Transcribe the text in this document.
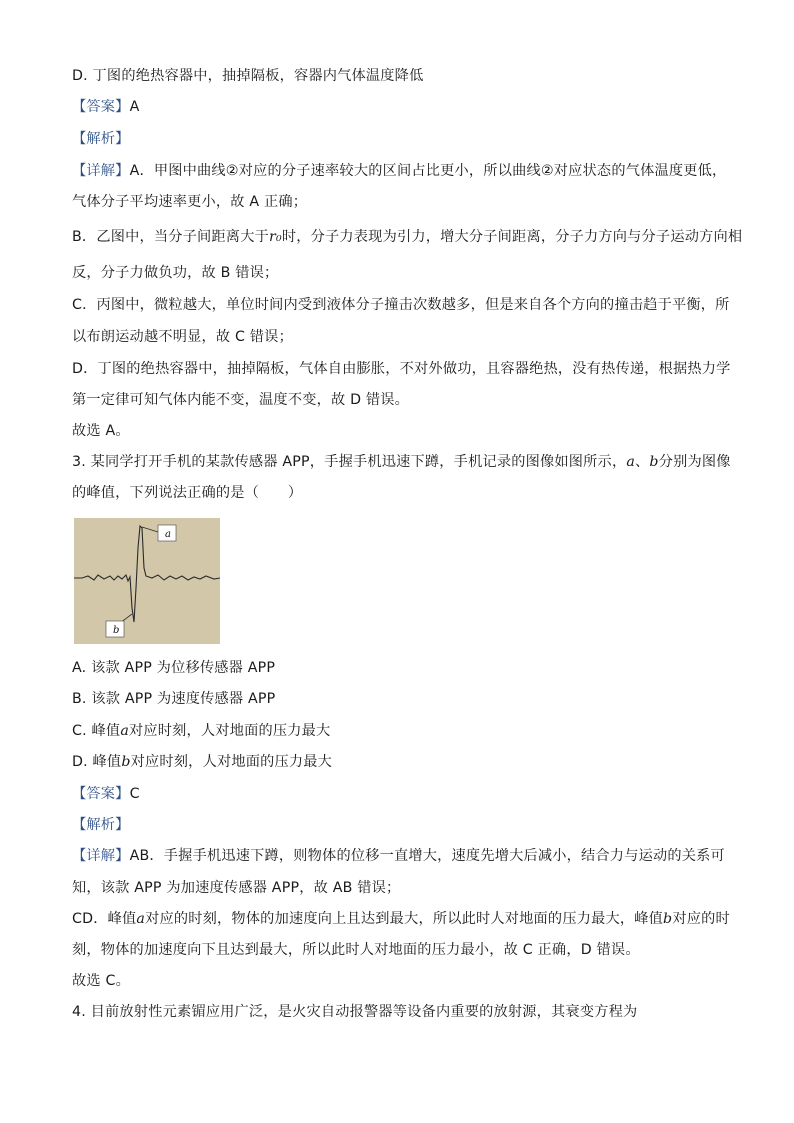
D. 丁图的绝热容器中，抽掉隔板，容器内气体温度降低
【答案】A
【解析】
【详解】A．甲图中曲线②对应的分子速率较大的区间占比更小，所以曲线②对应状态的气体温度更低，
气体分子平均速率更小，故 A 正确；
B．乙图中，当分子间距离大于r₀时，分子力表现为引力，增大分子间距离，分子力方向与分子运动方向相
反，分子力做负功，故 B 错误；
C．丙图中，微粒越大，单位时间内受到液体分子撞击次数越多，但是来自各个方向的撞击趋于平衡，所
以布朗运动越不明显，故 C 错误；
D．丁图的绝热容器中，抽掉隔板，气体自由膨胀，不对外做功，且容器绝热，没有热传递，根据热力学
第一定律可知气体内能不变，温度不变，故 D 错误。
故选 A。
3. 某同学打开手机的某款传感器 APP，手握手机迅速下蹲，手机记录的图像如图所示，a、b分别为图像
的峰值，下列说法正确的是（　　）
a
b
A. 该款 APP 为位移传感器 APP
B. 该款 APP 为速度传感器 APP
C. 峰值a对应时刻，人对地面的压力最大
D. 峰值b对应时刻，人对地面的压力最大
【答案】C
【解析】
【详解】AB．手握手机迅速下蹲，则物体的位移一直增大，速度先增大后减小，结合力与运动的关系可
知，该款 APP 为加速度传感器 APP，故 AB 错误；
CD．峰值a对应的时刻，物体的加速度向上且达到最大，所以此时人对地面的压力最大，峰值b对应的时
刻，物体的加速度向下且达到最大，所以此时人对地面的压力最小，故 C 正确，D 错误。
故选 C。
4. 目前放射性元素镅应用广泛，是火灾自动报警器等设备内重要的放射源，其衰变方程为
